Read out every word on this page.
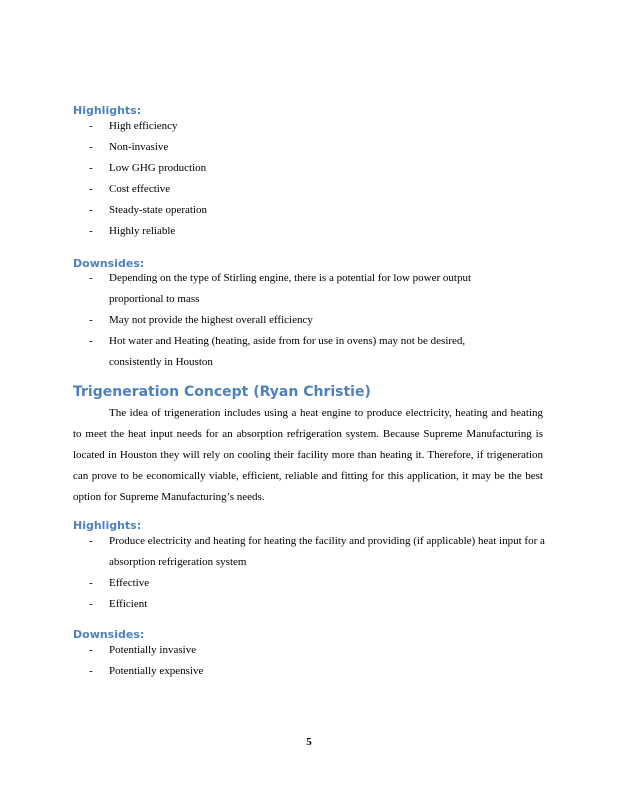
Highlights:
- High efficiency
- Non-invasive
- Low GHG production
- Cost effective
- Steady-state operation
- Highly reliable
Downsides:
- Depending on the type of Stirling engine, there is a potential for low power output proportional to mass
- May not provide the highest overall efficiency
- Hot water and Heating (heating, aside from for use in ovens) may not be desired, consistently in Houston
Trigeneration Concept (Ryan Christie)

The idea of trigeneration includes using a heat engine to produce electricity, heating and heating to meet the heat input needs for an absorption refrigeration system. Because Supreme Manufacturing is located in Houston they will rely on cooling their facility more than heating it. Therefore, if trigeneration can prove to be economically viable, efficient, reliable and fitting for this application, it may be the best option for Supreme Manufacturing’s needs.

Highlights:
- Produce electricity and heating for heating the facility and providing (if applicable) heat input for a absorption refrigeration system
- Effective
- Efficient
Downsides:
- Potentially invasive
- Potentially expensive
5
